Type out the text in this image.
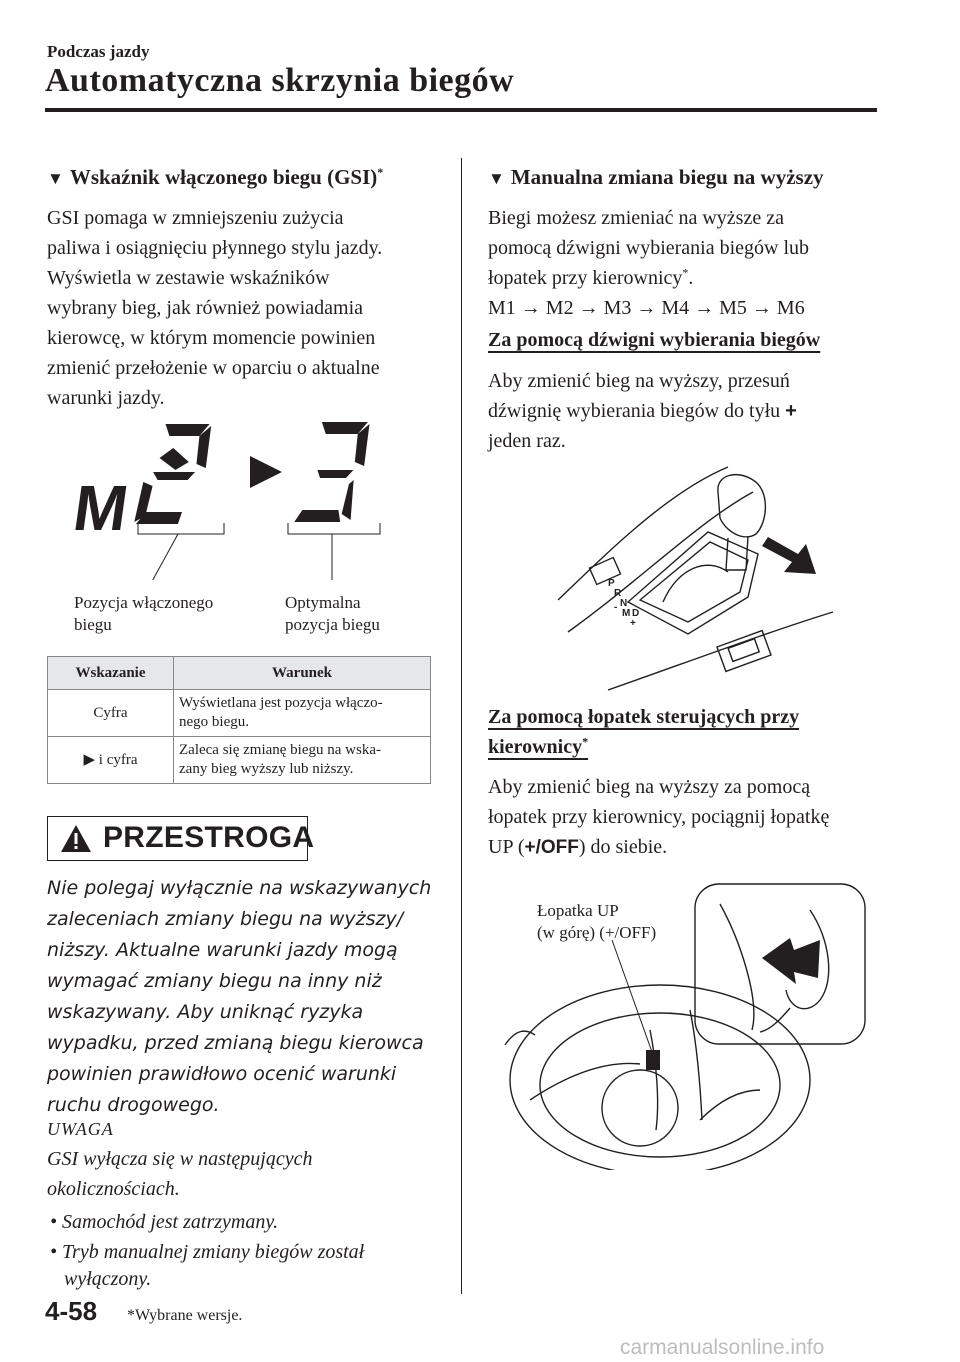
Podczas jazdy
Automatyczna skrzynia biegów
▼ Wskaźnik włączonego biegu (GSI)*
GSI pomaga w zmniejszeniu zużycia
paliwa i osiągnięciu płynnego stylu jazdy.
Wyświetla w zestawie wskaźników
wybrany bieg, jak również powiadamia
kierowcę, w którym momencie powinien
zmienić przełożenie w oparciu o aktualne
warunki jazdy.
M
Pozycja włączonego
biegu
Optymalna
pozycja biegu
Wskazanie	Warunek
Cyfra	Wyświetlana jest pozycja włączo-
nego biegu.

▶ i cyfra	Zaleca się zmianę biegu na wska-
zany bieg wyższy lub niższy.
PRZESTROGA
Nie polegaj wyłącznie na wskazywanych
zaleceniach zmiany biegu na wyższy/
niższy. Aktualne warunki jazdy mogą
wymagać zmiany biegu na inny niż
wskazywany. Aby uniknąć ryzyka
wypadku, przed zmianą biegu kierowca
powinien prawidłowo ocenić warunki
ruchu drogowego.
UWAGA
GSI wyłącza się w następujących
okolicznościach.
• Samochód jest zatrzymany.
• Tryb manualnej zmiany biegów został
wyłączony.
▼ Manualna zmiana biegu na wyższy
Biegi możesz zmieniać na wyższe za
pomocą dźwigni wybierania biegów lub
łopatek przy kierownicy*.
M1 → M2 → M3 → M4 → M5 → M6
Za pomocą dźwigni wybierania biegów
Aby zmienić bieg na wyższy, przesuń
dźwignię wybierania biegów do tyłu +
jeden raz.
P
R
N
D
M
+
-
Za pomocą łopatek sterujących przy
kierownicy*
Aby zmienić bieg na wyższy za pomocą
łopatek przy kierownicy, pociągnij łopatkę
UP (+/OFF) do siebie.
Łopatka UP
(w górę) (+/OFF)
4-58 *Wybrane wersje.
carmanualsonline.info
